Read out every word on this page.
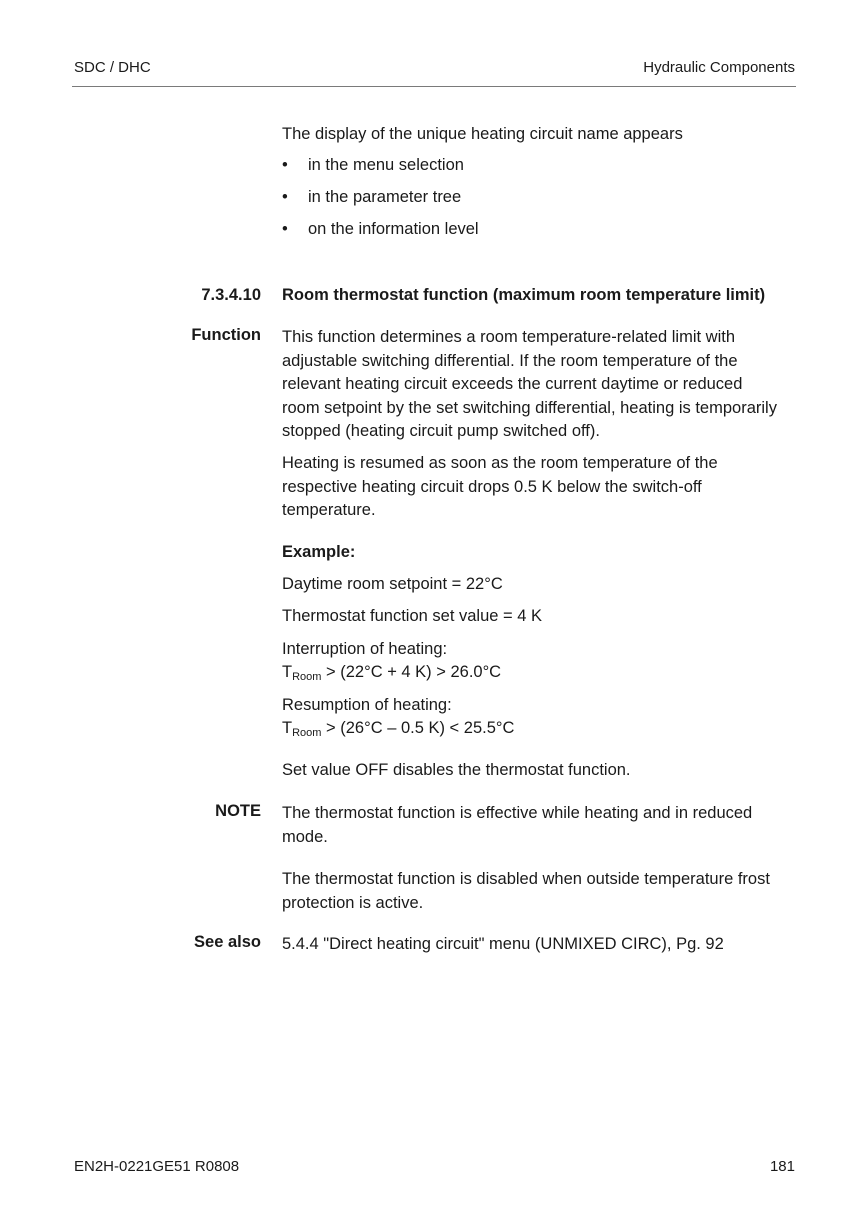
SDC / DHC	Hydraulic Components
The display of the unique heating circuit name appears
• in the menu selection
• in the parameter tree
• on the information level
7.3.4.10 Room thermostat function (maximum room temperature limit)
Function This function determines a room temperature-related limit with adjustable switching differential. If the room temperature of the relevant heating circuit exceeds the current daytime or reduced room setpoint by the set switching differential, heating is temporarily stopped (heating circuit pump switched off).
Heating is resumed as soon as the room temperature of the respective heating circuit drops 0.5 K below the switch-off temperature.
Example:
Daytime room setpoint = 22°C
Thermostat function set value = 4 K
Interruption of heating:
$T_{Room} > (22^\circ C + 4$ K) > 26.0°C
Resumption of heating:
$T_{Room} > (26^\circ C - 0.5$ K) < 25.5°C
Set value OFF disables the thermostat function.
NOTE The thermostat function is effective while heating and in reduced mode.
The thermostat function is disabled when outside temperature frost protection is active.
See also 5.4.4 "Direct heating circuit" menu (UNMIXED CIRC), Pg. 92
EN2H-0221GE51 R0808	181
